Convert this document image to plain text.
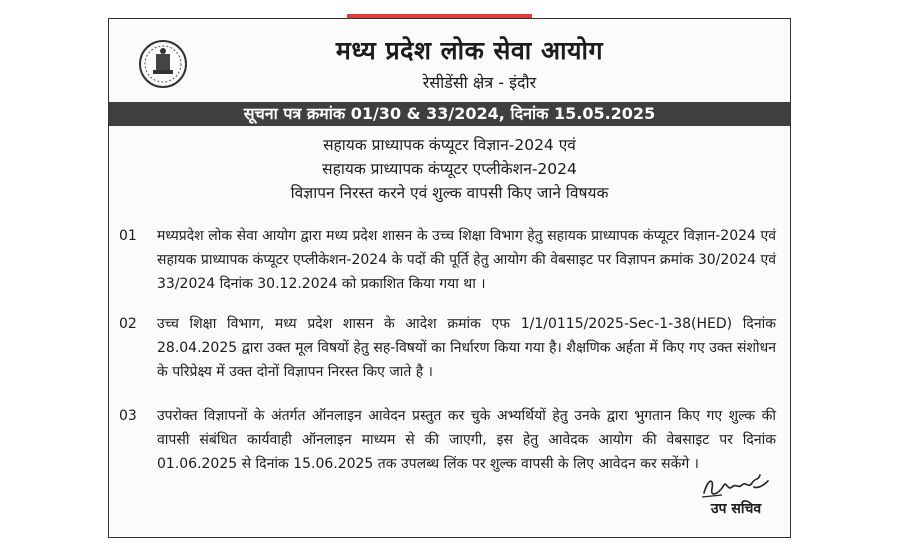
मध्य प्रदेश लोक सेवा आयोग
रेसीडेंसी क्षेत्र - इंदौर
सूचना पत्र क्रमांक 01/30 & 33/2024, दिनांक 15.05.2025
सहायक प्राध्यापक कंप्यूटर विज्ञान-2024 एवं
सहायक प्राध्यापक कंप्यूटर एप्लीकेशन-2024
विज्ञापन निरस्त करने एवं शुल्क वापसी किए जाने विषयक
01 मध्यप्रदेश लोक सेवा आयोग द्वारा मध्य प्रदेश शासन के उच्च शिक्षा विभाग हेतु सहायक प्राध्यापक कंप्यूटर विज्ञान-2024 एवं सहायक प्राध्यापक कंप्यूटर एप्लीकेशन-2024 के पदों की पूर्ति हेतु आयोग की वेबसाइट पर विज्ञापन क्रमांक 30/2024 एवं 33/2024 दिनांक 30.12.2024 को प्रकाशित किया गया था ।
02 उच्च शिक्षा विभाग, मध्य प्रदेश शासन के आदेश क्रमांक एफ 1/1/0115/2025-Sec-1-38(HED) दिनांक 28.04.2025 द्वारा उक्त मूल विषयों हेतु सह-विषयों का निर्धारण किया गया है। शैक्षणिक अर्हता में किए गए उक्त संशोधन के परिप्रेक्ष्य में उक्त दोनों विज्ञापन निरस्त किए जाते है ।
03 उपरोक्त विज्ञापनों के अंतर्गत ऑनलाइन आवेदन प्रस्तुत कर चुके अभ्यर्थियों हेतु उनके द्वारा भुगतान किए गए शुल्क की वापसी संबंधित कार्यवाही ऑनलाइन माध्यम से की जाएगी, इस हेतु आवेदक आयोग की वेबसाइट पर दिनांक 01.06.2025 से दिनांक 15.06.2025 तक उपलब्ध लिंक पर शुल्क वापसी के लिए आवेदन कर सकेंगे ।
उप सचिव
